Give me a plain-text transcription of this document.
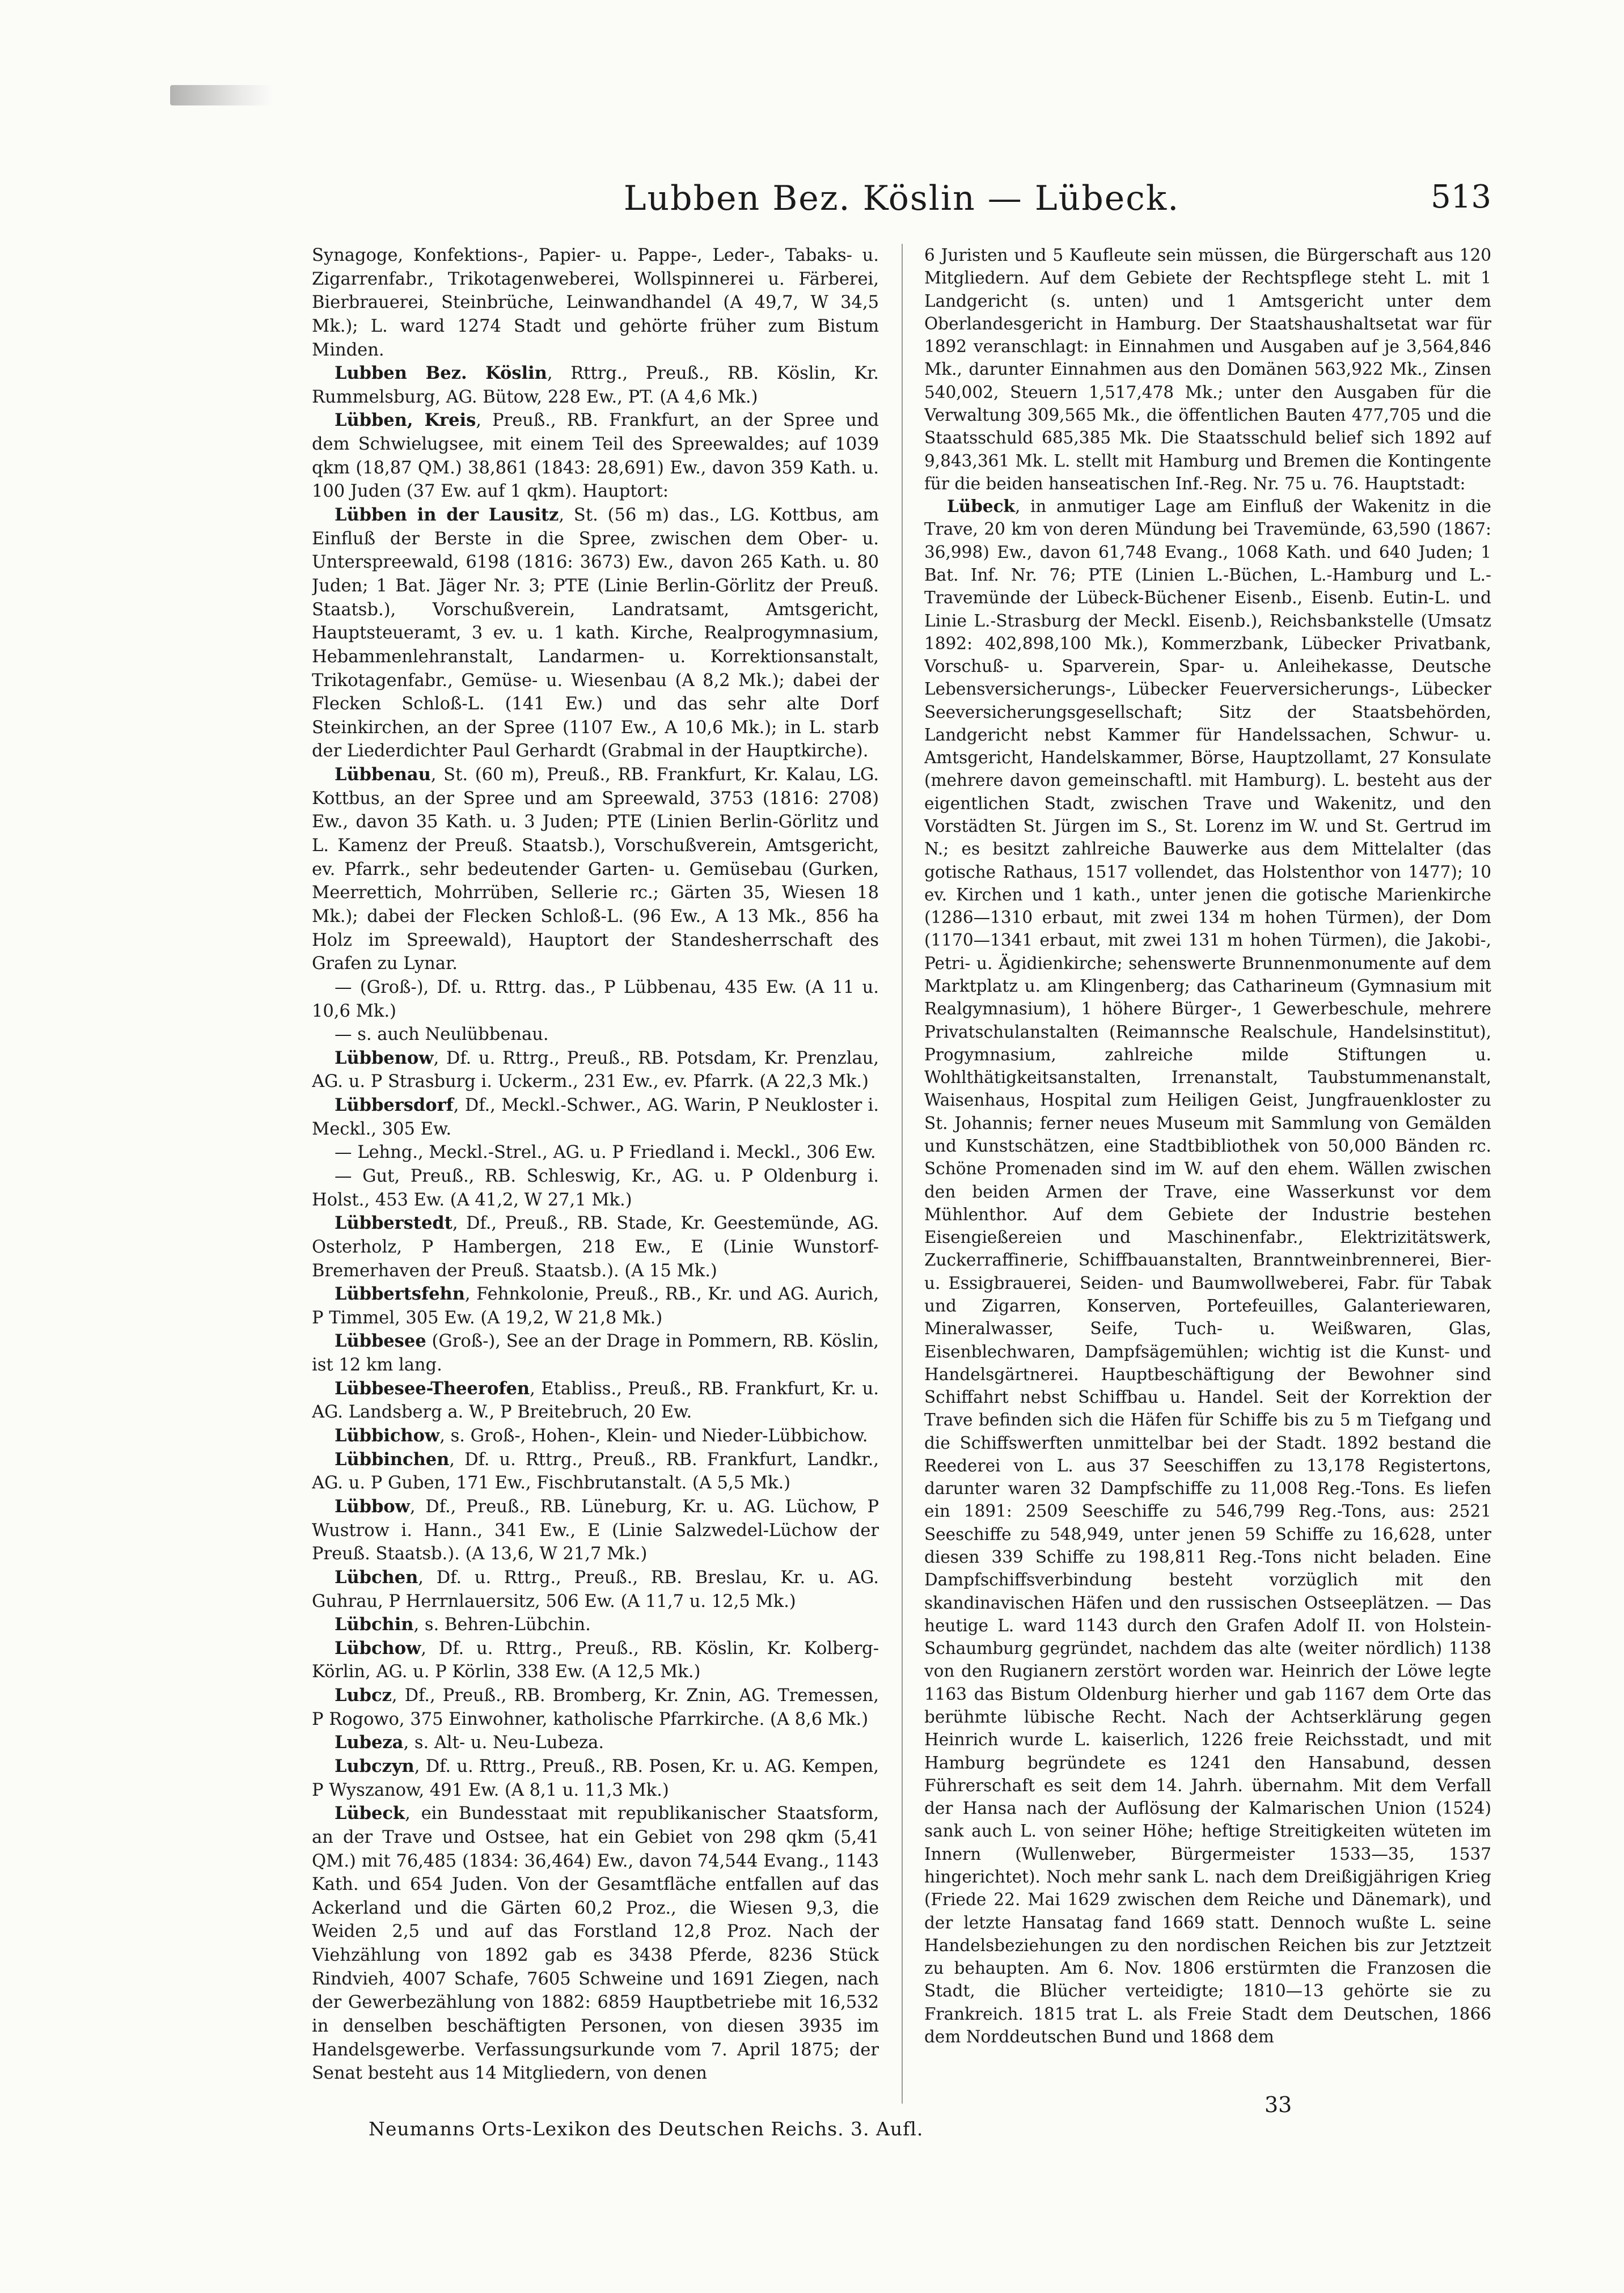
Lubben Bez. Köslin — Lübeck.	513

Synagoge, Konfektions-, Papier- u. Pappe-, Leder-, Tabaks- u. Zigarrenfabr., Trikotagenweberei, Wollspinnerei u. Färberei, Bierbrauerei, Steinbrüche, Leinwandhandel (A 49,7, W 34,5 Mk.); L. ward 1274 Stadt und gehörte früher zum Bistum Minden.

Lubben Bez. Köslin, Rttrg., Preuß., RB. Köslin, Kr. Rummelsburg, AG. Bütow, 228 Ew., PT. (A 4,6 Mk.)

Lübben, Kreis, Preuß., RB. Frankfurt, an der Spree und dem Schwielugsee, mit einem Teil des Spreewaldes; auf 1039 qkm (18,87 QM.) 38,861 (1843: 28,691) Ew., davon 359 Kath. u. 100 Juden (37 Ew. auf 1 qkm). Hauptort:

Lübben in der Lausitz, St. (56 m) das., LG. Kottbus, am Einfluß der Berste in die Spree, zwischen dem Ober- u. Unterspreewald, 6198 (1816: 3673) Ew., davon 265 Kath. u. 80 Juden; 1 Bat. Jäger Nr. 3; PTE (Linie Berlin-Görlitz der Preuß. Staatsb.), Vorschußverein, Landratsamt, Amtsgericht, Hauptsteueramt, 3 ev. u. 1 kath. Kirche, Realprogymnasium, Hebammenlehranstalt, Landarmen- u. Korrektionsanstalt, Trikotagenfabr., Gemüse- u. Wiesenbau (A 8,2 Mk.); dabei der Flecken Schloß-L. (141 Ew.) und das sehr alte Dorf Steinkirchen, an der Spree (1107 Ew., A 10,6 Mk.); in L. starb der Liederdichter Paul Gerhardt (Grabmal in der Hauptkirche).

Lübbenau, St. (60 m), Preuß., RB. Frankfurt, Kr. Kalau, LG. Kottbus, an der Spree und am Spreewald, 3753 (1816: 2708) Ew., davon 35 Kath. u. 3 Juden; PTE (Linien Berlin-Görlitz und L. Kamenz der Preuß. Staatsb.), Vorschußverein, Amtsgericht, ev. Pfarrk., sehr bedeutender Garten- u. Gemüsebau (Gurken, Meerrettich, Mohrrüben, Sellerie rc.; Gärten 35, Wiesen 18 Mk.); dabei der Flecken Schloß-L. (96 Ew., A 13 Mk., 856 ha Holz im Spreewald), Hauptort der Standesherrschaft des Grafen zu Lynar.

— (Groß-), Df. u. Rttrg. das., P Lübbenau, 435 Ew. (A 11 u. 10,6 Mk.)

— s. auch Neulübbenau.

Lübbenow, Df. u. Rttrg., Preuß., RB. Potsdam, Kr. Prenzlau, AG. u. P Strasburg i. Uckerm., 231 Ew., ev. Pfarrk. (A 22,3 Mk.)

Lübbersdorf, Df., Meckl.-Schwer., AG. Warin, P Neukloster i. Meckl., 305 Ew.

— Lehng., Meckl.-Strel., AG. u. P Friedland i. Meckl., 306 Ew.

— Gut, Preuß., RB. Schleswig, Kr., AG. u. P Oldenburg i. Holst., 453 Ew. (A 41,2, W 27,1 Mk.)

Lübberstedt, Df., Preuß., RB. Stade, Kr. Geestemünde, AG. Osterholz, P Hambergen, 218 Ew., E (Linie Wunstorf-Bremerhaven der Preuß. Staatsb.). (A 15 Mk.)

Lübbertsfehn, Fehnkolonie, Preuß., RB., Kr. und AG. Aurich, P Timmel, 305 Ew. (A 19,2, W 21,8 Mk.)

Lübbesee (Groß-), See an der Drage in Pommern, RB. Köslin, ist 12 km lang.

Lübbesee-Theerofen, Etabliss., Preuß., RB. Frankfurt, Kr. u. AG. Landsberg a. W., P Breitebruch, 20 Ew.

Lübbichow, s. Groß-, Hohen-, Klein- und Nieder-Lübbichow.

Lübbinchen, Df. u. Rttrg., Preuß., RB. Frankfurt, Landkr., AG. u. P Guben, 171 Ew., Fischbrutanstalt. (A 5,5 Mk.)

Lübbow, Df., Preuß., RB. Lüneburg, Kr. u. AG. Lüchow, P Wustrow i. Hann., 341 Ew., E (Linie Salzwedel-Lüchow der Preuß. Staatsb.). (A 13,6, W 21,7 Mk.)

Lübchen, Df. u. Rttrg., Preuß., RB. Breslau, Kr. u. AG. Guhrau, P Herrnlauersitz, 506 Ew. (A 11,7 u. 12,5 Mk.)

Lübchin, s. Behren-Lübchin.

Lübchow, Df. u. Rttrg., Preuß., RB. Köslin, Kr. Kolberg-Körlin, AG. u. P Körlin, 338 Ew. (A 12,5 Mk.)

Lubcz, Df., Preuß., RB. Bromberg, Kr. Znin, AG. Tremessen, P Rogowo, 375 Einwohner, katholische Pfarrkirche. (A 8,6 Mk.)

Lubeza, s. Alt- u. Neu-Lubeza.

Lubczyn, Df. u. Rttrg., Preuß., RB. Posen, Kr. u. AG. Kempen, P Wyszanow, 491 Ew. (A 8,1 u. 11,3 Mk.)

Lübeck, ein Bundesstaat mit republikanischer Staatsform, an der Trave und Ostsee, hat ein Gebiet von 298 qkm (5,41 QM.) mit 76,485 (1834: 36,464) Ew., davon 74,544 Evang., 1143 Kath. und 654 Juden. Von der Gesamtfläche entfallen auf das Ackerland und die Gärten 60,2 Proz., die Wiesen 9,3, die Weiden 2,5 und auf das Forstland 12,8 Proz. Nach der Viehzählung von 1892 gab es 3438 Pferde, 8236 Stück Rindvieh, 4007 Schafe, 7605 Schweine und 1691 Ziegen, nach der Gewerbezählung von 1882: 6859 Hauptbetriebe mit 16,532 in denselben beschäftigten Personen, von diesen 3935 im Handelsgewerbe. Verfassungsurkunde vom 7. April 1875; der Senat besteht aus 14 Mitgliedern, von denen

6 Juristen und 5 Kaufleute sein müssen, die Bürgerschaft aus 120 Mitgliedern. Auf dem Gebiete der Rechtspflege steht L. mit 1 Landgericht (s. unten) und 1 Amtsgericht unter dem Oberlandesgericht in Hamburg. Der Staatshaushaltsetat war für 1892 veranschlagt: in Einnahmen und Ausgaben auf je 3,564,846 Mk., darunter Einnahmen aus den Domänen 563,922 Mk., Zinsen 540,002, Steuern 1,517,478 Mk.; unter den Ausgaben für die Verwaltung 309,565 Mk., die öffentlichen Bauten 477,705 und die Staatsschuld 685,385 Mk. Die Staatsschuld belief sich 1892 auf 9,843,361 Mk. L. stellt mit Hamburg und Bremen die Kontingente für die beiden hanseatischen Inf.-Reg. Nr. 75 u. 76. Hauptstadt:

Lübeck, in anmutiger Lage am Einfluß der Wakenitz in die Trave, 20 km von deren Mündung bei Travemünde, 63,590 (1867: 36,998) Ew., davon 61,748 Evang., 1068 Kath. und 640 Juden; 1 Bat. Inf. Nr. 76; PTE (Linien L.-Büchen, L.-Hamburg und L.-Travemünde der Lübeck-Büchener Eisenb., Eisenb. Eutin-L. und Linie L.-Strasburg der Meckl. Eisenb.), Reichsbankstelle (Umsatz 1892: 402,898,100 Mk.), Kommerzbank, Lübecker Privatbank, Vorschuß- u. Sparverein, Spar- u. Anleihekasse, Deutsche Lebensversicherungs-, Lübecker Feuerversicherungs-, Lübecker Seeversicherungsgesellschaft; Sitz der Staatsbehörden, Landgericht nebst Kammer für Handelssachen, Schwur- u. Amtsgericht, Handelskammer, Börse, Hauptzollamt, 27 Konsulate (mehrere davon gemeinschaftl. mit Hamburg). L. besteht aus der eigentlichen Stadt, zwischen Trave und Wakenitz, und den Vorstädten St. Jürgen im S., St. Lorenz im W. und St. Gertrud im N.; es besitzt zahlreiche Bauwerke aus dem Mittelalter (das gotische Rathaus, 1517 vollendet, das Holstenthor von 1477); 10 ev. Kirchen und 1 kath., unter jenen die gotische Marienkirche (1286—1310 erbaut, mit zwei 134 m hohen Türmen), der Dom (1170—1341 erbaut, mit zwei 131 m hohen Türmen), die Jakobi-, Petri- u. Ägidienkirche; sehenswerte Brunnenmonumente auf dem Marktplatz u. am Klingenberg; das Catharineum (Gymnasium mit Realgymnasium), 1 höhere Bürger-, 1 Gewerbeschule, mehrere Privatschulanstalten (Reimannsche Realschule, Handelsinstitut), Progymnasium, zahlreiche milde Stiftungen u. Wohlthätigkeitsanstalten, Irrenanstalt, Taubstummenanstalt, Waisenhaus, Hospital zum Heiligen Geist, Jungfrauenkloster zu St. Johannis; ferner neues Museum mit Sammlung von Gemälden und Kunstschätzen, eine Stadtbibliothek von 50,000 Bänden rc. Schöne Promenaden sind im W. auf den ehem. Wällen zwischen den beiden Armen der Trave, eine Wasserkunst vor dem Mühlenthor. Auf dem Gebiete der Industrie bestehen Eisengießereien und Maschinenfabr., Elektrizitätswerk, Zuckerraffinerie, Schiffbauanstalten, Branntweinbrennerei, Bier- u. Essigbrauerei, Seiden- und Baumwollweberei, Fabr. für Tabak und Zigarren, Konserven, Portefeuilles, Galanteriewaren, Mineralwasser, Seife, Tuch- u. Weißwaren, Glas, Eisenblechwaren, Dampfsägemühlen; wichtig ist die Kunst- und Handelsgärtnerei. Hauptbeschäftigung der Bewohner sind Schiffahrt nebst Schiffbau u. Handel. Seit der Korrektion der Trave befinden sich die Häfen für Schiffe bis zu 5 m Tiefgang und die Schiffswerften unmittelbar bei der Stadt. 1892 bestand die Reederei von L. aus 37 Seeschiffen zu 13,178 Registertons, darunter waren 32 Dampfschiffe zu 11,008 Reg.-Tons. Es liefen ein 1891: 2509 Seeschiffe zu 546,799 Reg.-Tons, aus: 2521 Seeschiffe zu 548,949, unter jenen 59 Schiffe zu 16,628, unter diesen 339 Schiffe zu 198,811 Reg.-Tons nicht beladen. Eine Dampfschiffsverbindung besteht vorzüglich mit den skandinavischen Häfen und den russischen Ostseeplätzen. — Das heutige L. ward 1143 durch den Grafen Adolf II. von Holstein-Schaumburg gegründet, nachdem das alte (weiter nördlich) 1138 von den Rugianern zerstört worden war. Heinrich der Löwe legte 1163 das Bistum Oldenburg hierher und gab 1167 dem Orte das berühmte lübische Recht. Nach der Achtserklärung gegen Heinrich wurde L. kaiserlich, 1226 freie Reichsstadt, und mit Hamburg begründete es 1241 den Hansabund, dessen Führerschaft es seit dem 14. Jahrh. übernahm. Mit dem Verfall der Hansa nach der Auflösung der Kalmarischen Union (1524) sank auch L. von seiner Höhe; heftige Streitigkeiten wüteten im Innern (Wullenweber, Bürgermeister 1533—35, 1537 hingerichtet). Noch mehr sank L. nach dem Dreißigjährigen Krieg (Friede 22. Mai 1629 zwischen dem Reiche und Dänemark), und der letzte Hansatag fand 1669 statt. Dennoch wußte L. seine Handelsbeziehungen zu den nordischen Reichen bis zur Jetztzeit zu behaupten. Am 6. Nov. 1806 erstürmten die Franzosen die Stadt, die Blücher verteidigte; 1810—13 gehörte sie zu Frankreich. 1815 trat L. als Freie Stadt dem Deutschen, 1866 dem Norddeutschen Bund und 1868 dem

33
Neumanns Orts-Lexikon des Deutschen Reichs. 3. Aufl.
